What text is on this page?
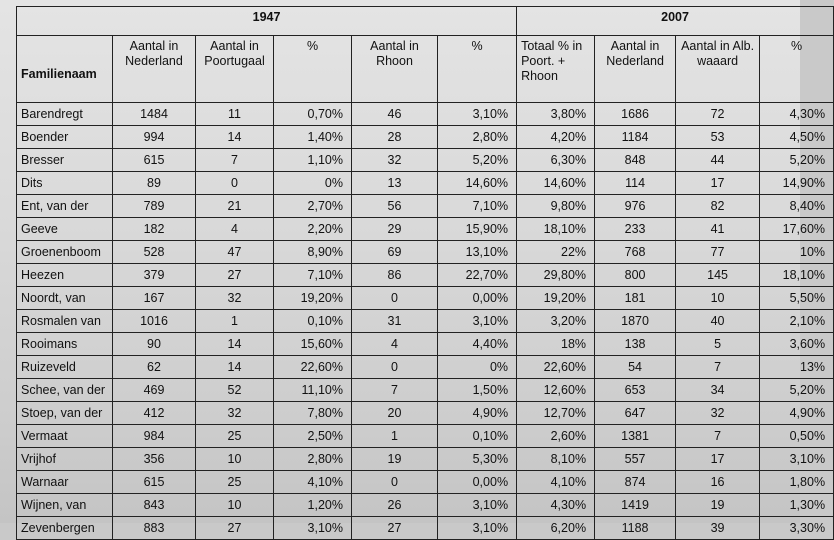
1947						2007			
Familienaam	Aantal in Nederland	Aantal in Poortugaal	%	Aantal in Rhoon	%	Totaal % in Poort. + Rhoon	Aantal in Nederland	Aantal in Alb. waaard	%
Barendregt	1484	11	0,70%	46	3,10%	3,80%	1686	72	4,30%
Boender	994	14	1,40%	28	2,80%	4,20%	1184	53	4,50%
Bresser	615	7	1,10%	32	5,20%	6,30%	848	44	5,20%
Dits	89	0	0%	13	14,60%	14,60%	114	17	14,90%
Ent, van der	789	21	2,70%	56	7,10%	9,80%	976	82	8,40%
Geeve	182	4	2,20%	29	15,90%	18,10%	233	41	17,60%
Groenenboom	528	47	8,90%	69	13,10%	22%	768	77	10%
Heezen	379	27	7,10%	86	22,70%	29,80%	800	145	18,10%
Noordt, van	167	32	19,20%	0	0,00%	19,20%	181	10	5,50%
Rosmalen van	1016	1	0,10%	31	3,10%	3,20%	1870	40	2,10%
Rooimans	90	14	15,60%	4	4,40%	18%	138	5	3,60%
Ruizeveld	62	14	22,60%	0	0%	22,60%	54	7	13%
Schee, van der	469	52	11,10%	7	1,50%	12,60%	653	34	5,20%
Stoep, van der	412	32	7,80%	20	4,90%	12,70%	647	32	4,90%
Vermaat	984	25	2,50%	1	0,10%	2,60%	1381	7	0,50%
Vrijhof	356	10	2,80%	19	5,30%	8,10%	557	17	3,10%
Warnaar	615	25	4,10%	0	0,00%	4,10%	874	16	1,80%
Wijnen, van	843	10	1,20%	26	3,10%	4,30%	1419	19	1,30%
Zevenbergen	883	27	3,10%	27	3,10%	6,20%	1188	39	3,30%
